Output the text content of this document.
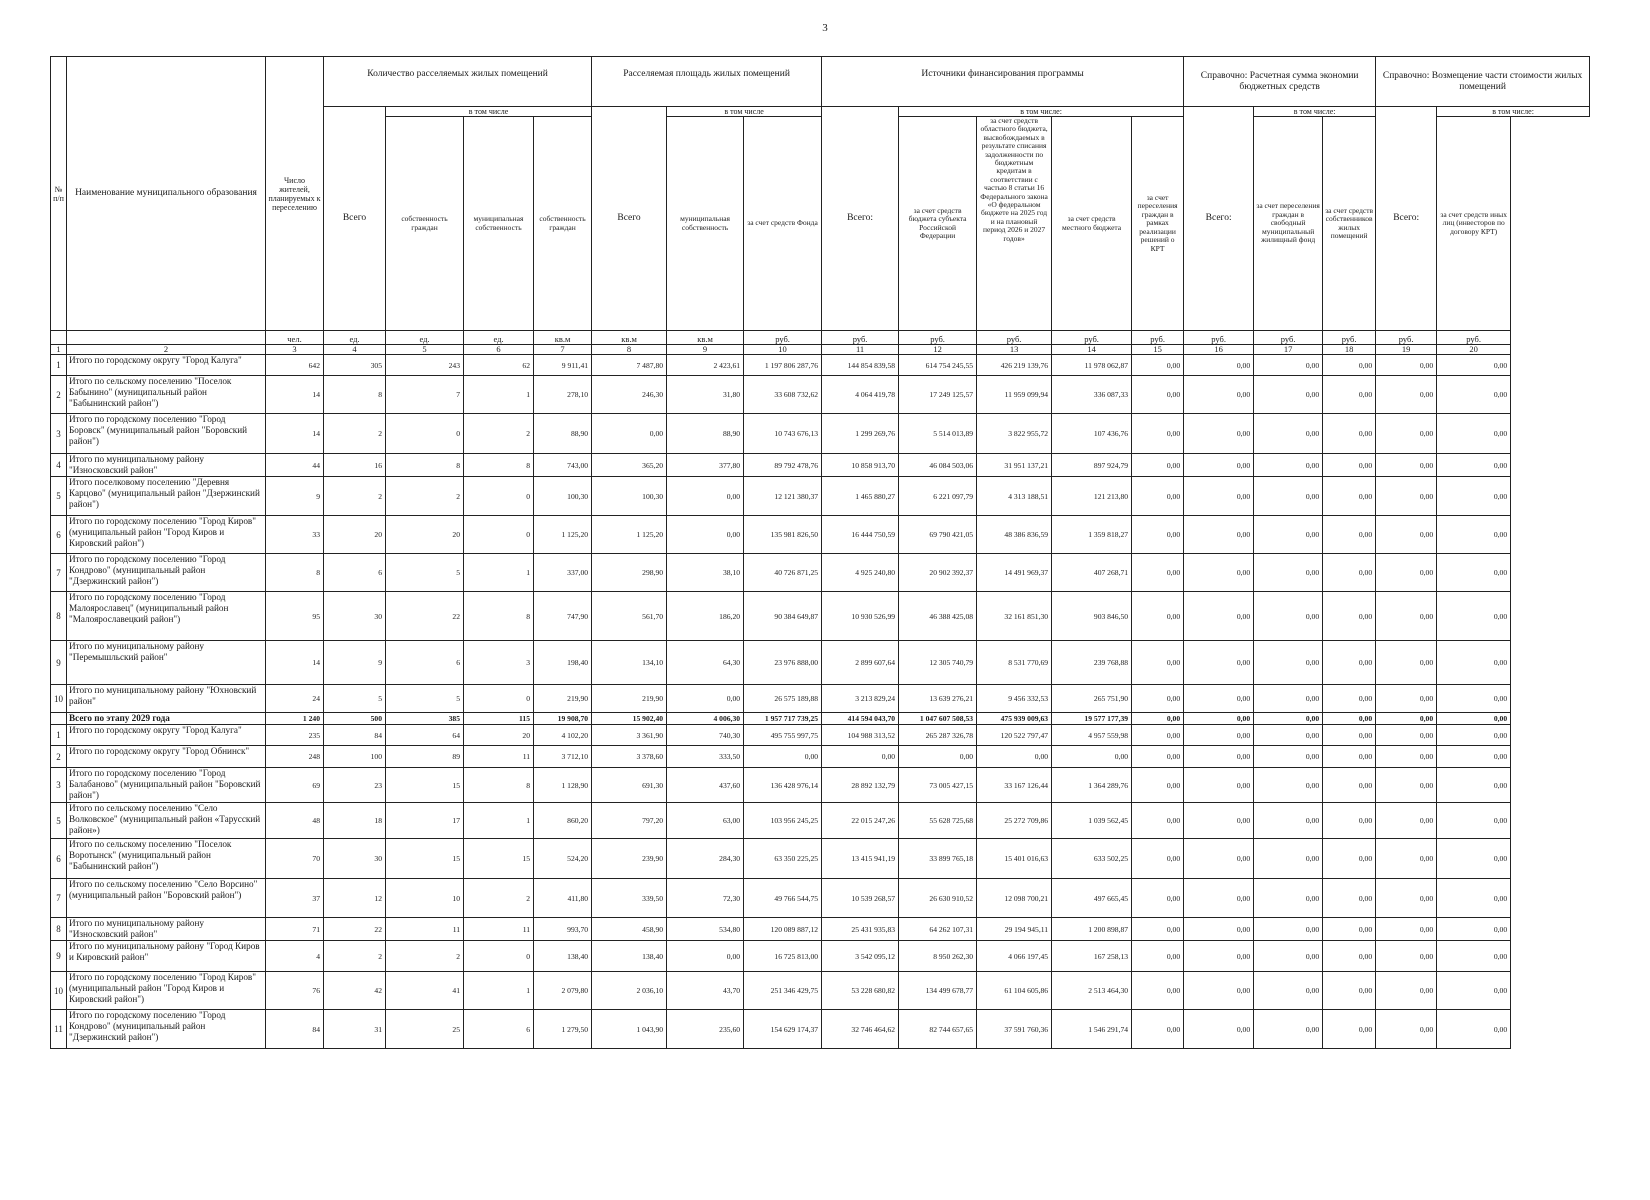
3
№ п/п	Наименование муниципального образования	Число жителей, планируемых к переселению	Количество расселяемых жилых помещений				Расселяемая площадь жилых помещений			Источники финансирования программы					Справочно: Расчетная сумма экономии бюджетных средств			Справочно: Возмещение части стоимости жилых помещений	
			Всего	в том числе			Всего	в том числе		Всего:	в том числе:				Всего:	в том числе:		Всего:	в том числе:
				собственность граждан	муниципальная собственность	собственность граждан		муниципальная собственность	за счет средств Фонда		за счет средств бюджета субъекта Российской Федерации	за счет средств областного бюджета, высвобождаемых в результате списания задолженности по бюджетным кредитам в соответствии с частью 8 статьи 16 Федерального закона «О федеральном бюджете на 2025 год и на плановый период 2026 и 2027 годов»	за счет средств местного бюджета	за счет переселения граждан в рамках реализации решений о КРТ		за счет переселения граждан в свободный муниципальный жилищный фонд	за счет средств собственников жилых помещений		за счет средств иных лиц (инвесторов по договору КРТ)
		чел.	ед.	ед.	ед.	кв.м	кв.м	кв.м	руб.	руб.	руб.	руб.	руб.	руб.	руб.	руб.	руб.	руб.	руб.
1	2	3	4	5	6	7	8	9	10	11	12	13	14	15	16	17	18	19	20
1	Итого по городскому округу "Город Калуга"	642	305	243	62	9 911,41	7 487,80	2 423,61	1 197 806 287,76	144 854 839,58	614 754 245,55	426 219 139,76	11 978 062,87	0,00	0,00	0,00	0,00	0,00	0,00
2	Итого по сельскому поселению "Поселок Бабынино" (муниципальный район "Бабынинский район")	14	8	7	1	278,10	246,30	31,80	33 608 732,62	4 064 419,78	17 249 125,57	11 959 099,94	336 087,33	0,00	0,00	0,00	0,00	0,00	0,00
3	Итого по городскому поселению "Город Боровск" (муниципальный район "Боровский район")	14	2	0	2	88,90	0,00	88,90	10 743 676,13	1 299 269,76	5 514 013,89	3 822 955,72	107 436,76	0,00	0,00	0,00	0,00	0,00	0,00
4	Итого по муниципальному району "Износковский район"	44	16	8	8	743,00	365,20	377,80	89 792 478,76	10 858 913,70	46 084 503,06	31 951 137,21	897 924,79	0,00	0,00	0,00	0,00	0,00	0,00
5	Итого поселковому поселению "Деревня Карцово" (муниципальный район "Дзержинский район")	9	2	2	0	100,30	100,30	0,00	12 121 380,37	1 465 880,27	6 221 097,79	4 313 188,51	121 213,80	0,00	0,00	0,00	0,00	0,00	0,00
6	Итого по городскому поселению "Город Киров" (муниципальный район "Город Киров и Кировский район")	33	20	20	0	1 125,20	1 125,20	0,00	135 981 826,50	16 444 750,59	69 790 421,05	48 386 836,59	1 359 818,27	0,00	0,00	0,00	0,00	0,00	0,00
7	Итого по городскому поселению "Город Кондрово" (муниципальный район "Дзержинский район")	8	6	5	1	337,00	298,90	38,10	40 726 871,25	4 925 240,80	20 902 392,37	14 491 969,37	407 268,71	0,00	0,00	0,00	0,00	0,00	0,00
8	Итого по городскому поселению "Город Малоярославец" (муниципальный район "Малоярославецкий район")	95	30	22	8	747,90	561,70	186,20	90 384 649,87	10 930 526,99	46 388 425,08	32 161 851,30	903 846,50	0,00	0,00	0,00	0,00	0,00	0,00
9	Итого по муниципальному району "Перемышльский район"	14	9	6	3	198,40	134,10	64,30	23 976 888,00	2 899 607,64	12 305 740,79	8 531 770,69	239 768,88	0,00	0,00	0,00	0,00	0,00	0,00
10	Итого по муниципальному району "Юхновский район"	24	5	5	0	219,90	219,90	0,00	26 575 189,88	3 213 829,24	13 639 276,21	9 456 332,53	265 751,90	0,00	0,00	0,00	0,00	0,00	0,00
	Всего по этапу 2029 года	1 240	500	385	115	19 908,70	15 902,40	4 006,30	1 957 717 739,25	414 594 043,70	1 047 607 508,53	475 939 009,63	19 577 177,39	0,00	0,00	0,00	0,00	0,00	0,00
1	Итого по городскому округу "Город Калуга"	235	84	64	20	4 102,20	3 361,90	740,30	495 755 997,75	104 988 313,52	265 287 326,78	120 522 797,47	4 957 559,98	0,00	0,00	0,00	0,00	0,00	0,00
2	Итого по городскому округу "Город Обнинск"	248	100	89	11	3 712,10	3 378,60	333,50	0,00	0,00	0,00	0,00	0,00	0,00	0,00	0,00	0,00	0,00	0,00
3	Итого по городскому поселению "Город Балабаново" (муниципальный район "Боровский район")	69	23	15	8	1 128,90	691,30	437,60	136 428 976,14	28 892 132,79	73 005 427,15	33 167 126,44	1 364 289,76	0,00	0,00	0,00	0,00	0,00	0,00
5	Итого по сельскому поселению "Село Волковское" (муниципальный район «Тарусский район»)	48	18	17	1	860,20	797,20	63,00	103 956 245,25	22 015 247,26	55 628 725,68	25 272 709,86	1 039 562,45	0,00	0,00	0,00	0,00	0,00	0,00
6	Итого по сельскому поселению "Поселок Воротынск" (муниципальный район "Бабынинский район")	70	30	15	15	524,20	239,90	284,30	63 350 225,25	13 415 941,19	33 899 765,18	15 401 016,63	633 502,25	0,00	0,00	0,00	0,00	0,00	0,00
7	Итого по сельскому поселению "Село Ворсино" (муниципальный район "Боровский район")	37	12	10	2	411,80	339,50	72,30	49 766 544,75	10 539 268,57	26 630 910,52	12 098 700,21	497 665,45	0,00	0,00	0,00	0,00	0,00	0,00
8	Итого по муниципальному району "Износковский район"	71	22	11	11	993,70	458,90	534,80	120 089 887,12	25 431 935,83	64 262 107,31	29 194 945,11	1 200 898,87	0,00	0,00	0,00	0,00	0,00	0,00
9	Итого по муниципальному району "Город Киров и Кировский район"	4	2	2	0	138,40	138,40	0,00	16 725 813,00	3 542 095,12	8 950 262,30	4 066 197,45	167 258,13	0,00	0,00	0,00	0,00	0,00	0,00
10	Итого по городскому поселению "Город Киров" (муниципальный район "Город Киров и Кировский район")	76	42	41	1	2 079,80	2 036,10	43,70	251 346 429,75	53 228 680,82	134 499 678,77	61 104 605,86	2 513 464,30	0,00	0,00	0,00	0,00	0,00	0,00
11	Итого по городскому поселению "Город Кондрово" (муниципальный район "Дзержинский район")	84	31	25	6	1 279,50	1 043,90	235,60	154 629 174,37	32 746 464,62	82 744 657,65	37 591 760,36	1 546 291,74	0,00	0,00	0,00	0,00	0,00	0,00
